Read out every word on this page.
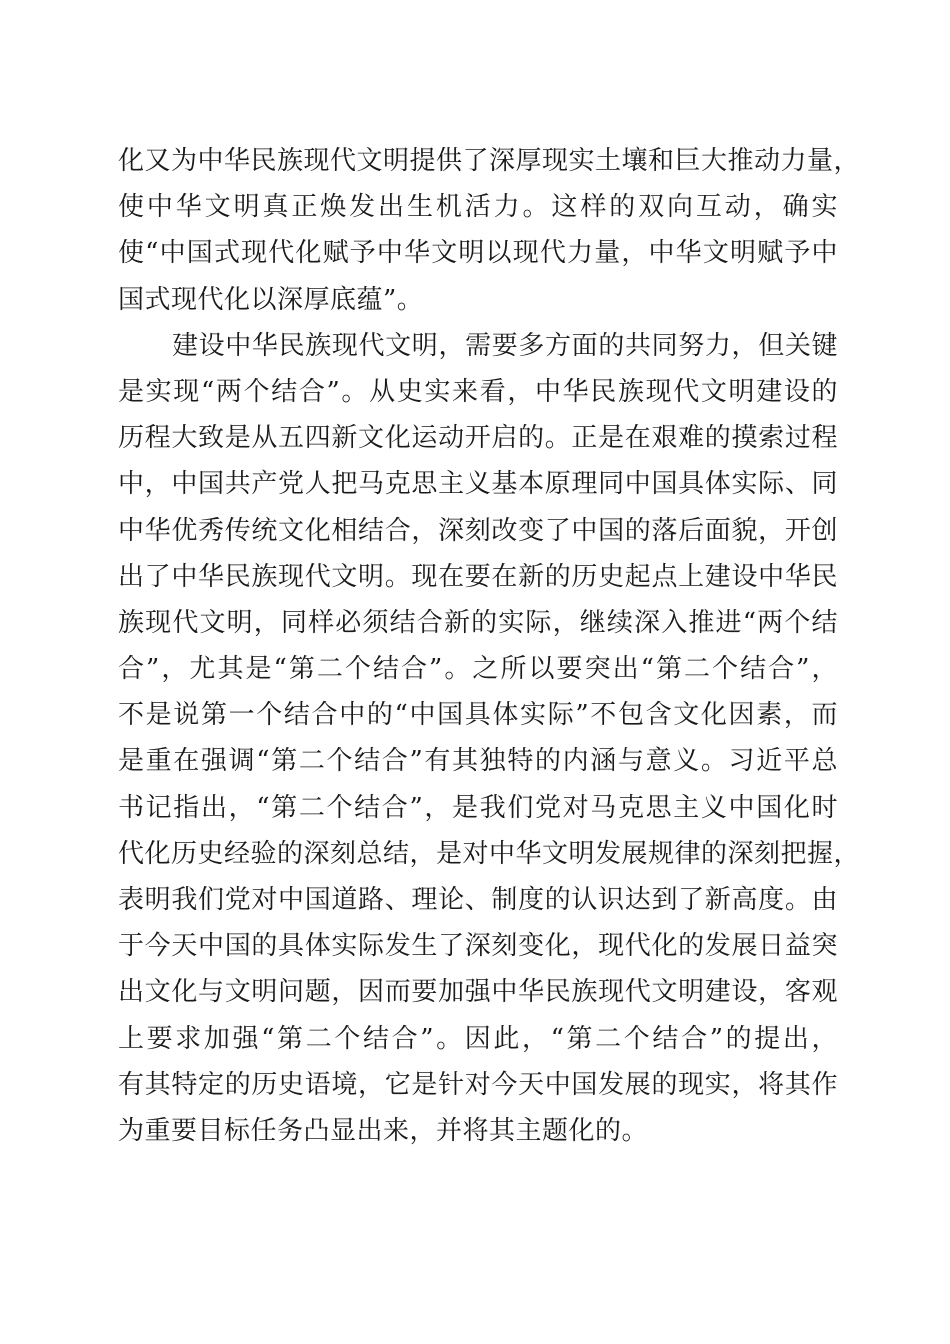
化又为中华民族现代文明提供了深厚现实土壤和巨大推动力量，
使中华文明真正焕发出生机活力。这样的双向互动，确实
使“中国式现代化赋予中华文明以现代力量，中华文明赋予中
国式现代化以深厚底蕴”。
建设中华民族现代文明，需要多方面的共同努力，但关键
是实现“两个结合”。从史实来看，中华民族现代文明建设的
历程大致是从五四新文化运动开启的。正是在艰难的摸索过程
中，中国共产党人把马克思主义基本原理同中国具体实际、同
中华优秀传统文化相结合，深刻改变了中国的落后面貌，开创
出了中华民族现代文明。现在要在新的历史起点上建设中华民
族现代文明，同样必须结合新的实际，继续深入推进“两个结
合”，尤其是“第二个结合”。之所以要突出“第二个结合”，
不是说第一个结合中的“中国具体实际”不包含文化因素，而
是重在强调“第二个结合”有其独特的内涵与意义。习近平总
书记指出，“第二个结合”，是我们党对马克思主义中国化时
代化历史经验的深刻总结，是对中华文明发展规律的深刻把握，
表明我们党对中国道路、理论、制度的认识达到了新高度。由
于今天中国的具体实际发生了深刻变化，现代化的发展日益突
出文化与文明问题，因而要加强中华民族现代文明建设，客观
上要求加强“第二个结合”。因此，“第二个结合”的提出，
有其特定的历史语境，它是针对今天中国发展的现实，将其作
为重要目标任务凸显出来，并将其主题化的。
